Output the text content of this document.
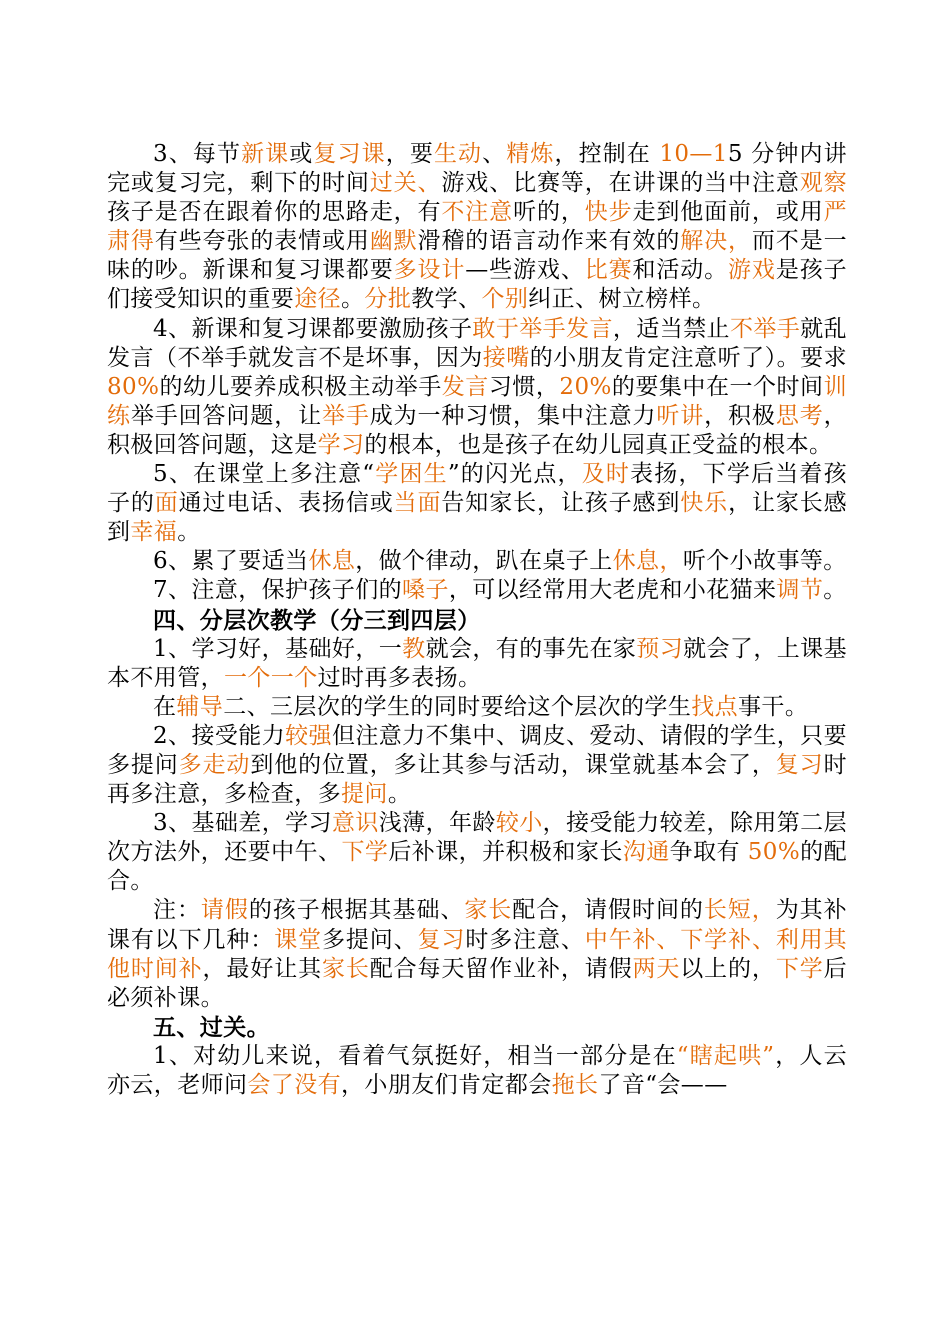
3、每节新课或复习课，要生动、精炼，控制在 10—15 分钟内讲完或复习完，剩下的时间过关、游戏、比赛等，在讲课的当中注意观察孩子是否在跟着你的思路走，有不注意听的，快步走到他面前，或用严肃得有些夸张的表情或用幽默滑稽的语言动作来有效的解决，而不是一味的吵。新课和复习课都要多设计—些游戏、比赛和活动。游戏是孩子们接受知识的重要途径。分批教学、个别纠正、树立榜样。

4、新课和复习课都要激励孩子敢于举手发言，适当禁止不举手就乱发言（不举手就发言不是坏事，因为接嘴的小朋友肯定注意听了）。要求 80%的幼儿要养成积极主动举手发言习惯，20%的要集中在一个时间训练举手回答问题，让举手成为一种习惯，集中注意力听讲，积极思考，积极回答问题，这是学习的根本，也是孩子在幼儿园真正受益的根本。

5、在课堂上多注意“学困生”的闪光点，及时表扬，下学后当着孩子的面通过电话、表扬信或当面告知家长，让孩子感到快乐，让家长感到幸福。

6、累了要适当休息，做个律动，趴在桌子上休息，听个小故事等。

7、注意，保护孩子们的嗓子，可以经常用大老虎和小花猫来调节。

四、分层次教学（分三到四层）

1、学习好，基础好，一教就会，有的事先在家预习就会了，上课基本不用管，一个一个过时再多表扬。

在辅导二、三层次的学生的同时要给这个层次的学生找点事干。

2、接受能力较强但注意力不集中、调皮、爱动、请假的学生，只要多提问多走动到他的位置，多让其参与活动，课堂就基本会了，复习时再多注意，多检查，多提问。

3、基础差，学习意识浅薄，年龄较小，接受能力较差，除用第二层次方法外，还要中午、下学后补课，并积极和家长沟通争取有 50%的配合。

注：请假的孩子根据其基础、家长配合，请假时间的长短，为其补课有以下几种：课堂多提问、复习时多注意、中午补、下学补、利用其他时间补，最好让其家长配合每天留作业补，请假两天以上的，下学后必须补课。

五、过关。

1、对幼儿来说，看着气氛挺好，相当一部分是在“瞎起哄”，人云亦云，老师问会了没有，小朋友们肯定都会拖长了音“会——
